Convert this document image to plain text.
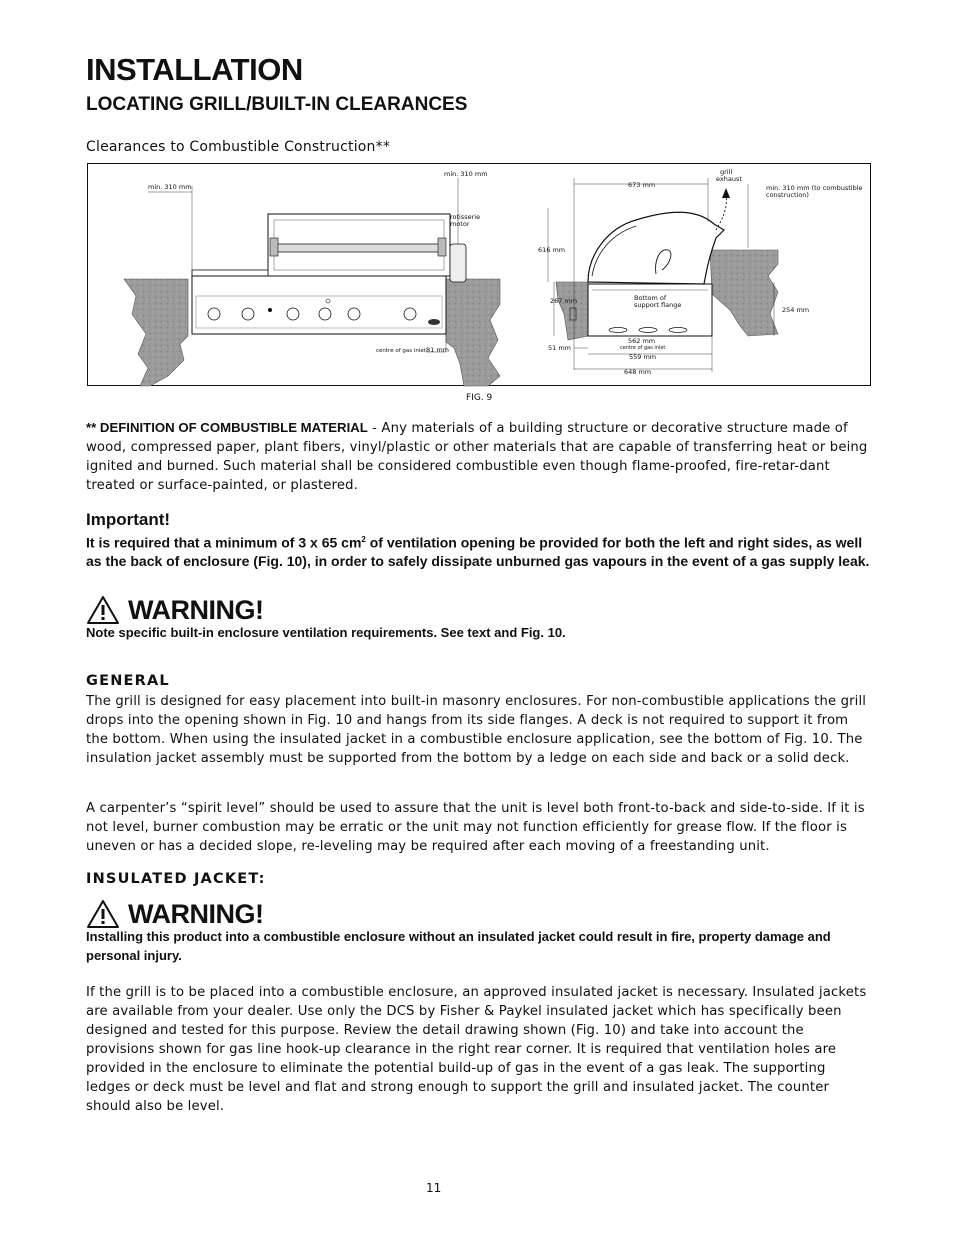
INSTALLATION
LOCATING GRILL/BUILT-IN CLEARANCES
Clearances to Combustible Construction**
min. 310 mm
min. 310 mm
rotisserie
motor
centre of gas inlet 81 mm
grill
exhaust
673 mm	min. 310 mm (to combustible
construction)
616 mm
267 mm
254 mm
Bottom of
support flange
562 mm
centre of gas inlet
51 mm
559 mm
648 mm
FIG. 9

** DEFINITION OF COMBUSTIBLE MATERIAL - Any materials of a building structure or decorative structure made of wood, compressed paper, plant fibers, vinyl/plastic or other materials that are capable of transferring heat or being ignited and burned. Such material shall be considered combustible even though flame-proofed, fire-retar-dant treated or surface-painted, or plastered.

Important!

It is required that a minimum of 3 x 65 $cm^2$ of ventilation opening be provided for both the left and right sides, as well as the back of enclosure (Fig. 10), in order to safely dissipate unburned gas vapours in the event of a gas supply leak.

WARNING!

Note specific built-in enclosure ventilation requirements. See text and Fig. 10.

GENERAL

The grill is designed for easy placement into built-in masonry enclosures. For non-combustible applications the grill drops into the opening shown in Fig. 10 and hangs from its side flanges. A deck is not required to support it from the bottom. When using the insulated jacket in a combustible enclosure application, see the bottom of Fig. 10. The insulation jacket assembly must be supported from the bottom by a ledge on each side and back or a solid deck.

A carpenter’s “spirit level” should be used to assure that the unit is level both front-to-back and side-to-side. If it is not level, burner combustion may be erratic or the unit may not function efficiently for grease flow. If the floor is uneven or has a decided slope, re-leveling may be required after each moving of a freestanding unit.

INSULATED JACKET:
WARNING!

Installing this product into a combustible enclosure without an insulated jacket could result in fire, property damage and personal injury.

If the grill is to be placed into a combustible enclosure, an approved insulated jacket is necessary. Insulated jackets are available from your dealer. Use only the DCS by Fisher & Paykel insulated jacket which has specifically been designed and tested for this purpose. Review the detail drawing shown (Fig. 10) and take into account the provisions shown for gas line hook-up clearance in the right rear corner. It is required that ventilation holes are provided in the enclosure to eliminate the potential build-up of gas in the event of a gas leak. The supporting ledges or deck must be level and flat and strong enough to support the grill and insulated jacket. The counter should also be level.

11
